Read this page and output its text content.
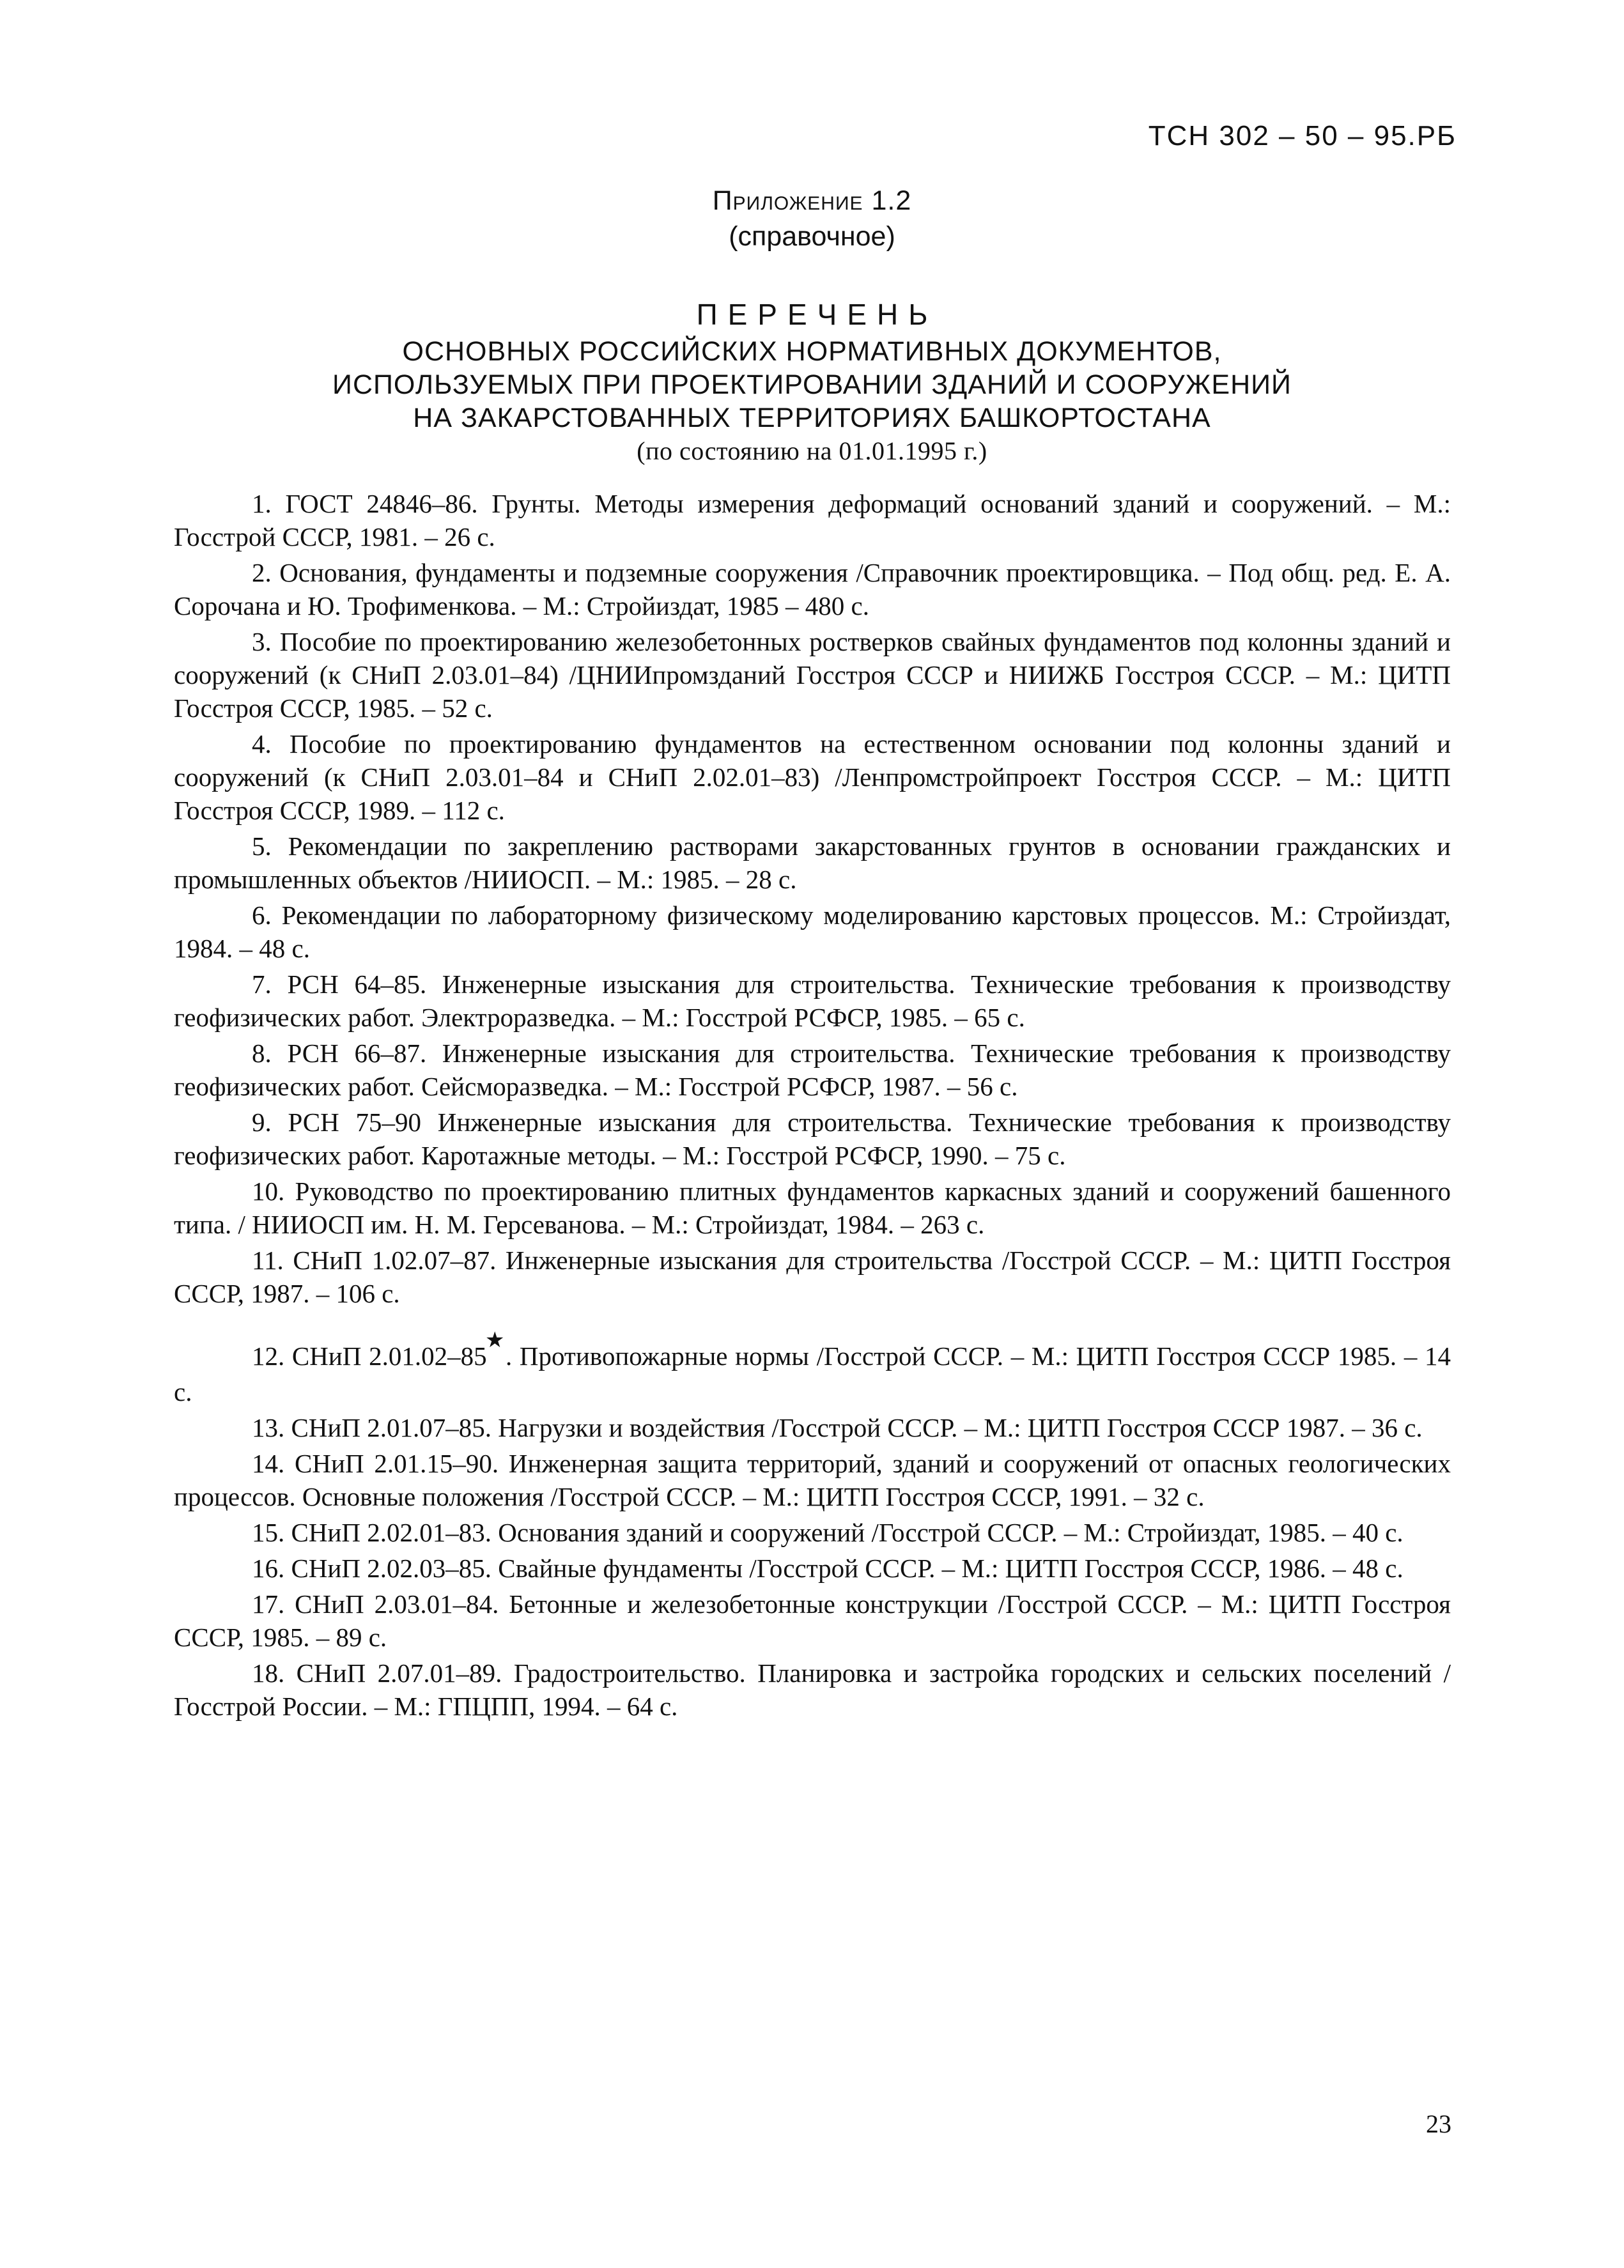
ТСН 302 – 50 – 95.РБ
Приложение 1.2
(справочное)
ПЕРЕЧЕНЬ
ОСНОВНЫХ РОССИЙСКИХ НОРМАТИВНЫХ ДОКУМЕНТОВ,
ИСПОЛЬЗУЕМЫХ ПРИ ПРОЕКТИРОВАНИИ ЗДАНИЙ И СООРУЖЕНИЙ
НА ЗАКАРСТОВАННЫХ ТЕРРИТОРИЯХ БАШКОРТОСТАНА
(по состоянию на 01.01.1995 г.)

1. ГОСТ 24846–86. Грунты. Методы измерения деформаций оснований зданий и сооружений. – М.: Госстрой СССР, 1981. – 26 с.

2. Основания, фундаменты и подземные сооружения /Справочник проектировщика. – Под общ. ред. Е. А. Сорочана и Ю. Трофименкова. – М.: Стройиздат, 1985 – 480 с.

3. Пособие по проектированию железобетонных ростверков свайных фундаментов под колонны зданий и сооружений (к СНиП 2.03.01–84) /ЦНИИпромзданий Госстроя СССР и НИИЖБ Госстроя СССР. – М.: ЦИТП Госстроя СССР, 1985. – 52 с.

4. Пособие по проектированию фундаментов на естественном основании под колонны зданий и сооружений (к СНиП 2.03.01–84 и СНиП 2.02.01–83) /Ленпромстройпроект Госстроя СССР. – М.: ЦИТП Госстроя СССР, 1989. – 112 с.

5. Рекомендации по закреплению растворами закарстованных грунтов в основании гражданских и промышленных объектов /НИИОСП. – М.: 1985. – 28 с.

6. Рекомендации по лабораторному физическому моделированию карстовых процессов. М.: Стройиздат, 1984. – 48 с.

7. РСН 64–85. Инженерные изыскания для строительства. Технические требования к производству геофизических работ. Электроразведка. – М.: Госстрой РСФСР, 1985. – 65 с.

8. РСН 66–87. Инженерные изыскания для строительства. Технические требования к производству геофизических работ. Сейсморазведка. – М.: Госстрой РСФСР, 1987. – 56 с.

9. РСН 75–90 Инженерные изыскания для строительства. Технические требования к производству геофизических работ. Каротажные методы. – М.: Госстрой РСФСР, 1990. – 75 с.

10. Руководство по проектированию плитных фундаментов каркасных зданий и сооружений башенного типа. / НИИОСП им. Н. М. Герсеванова. – М.: Стройиздат, 1984. – 263 с.

11. СНиП 1.02.07–87. Инженерные изыскания для строительства /Госстрой СССР. – М.: ЦИТП Госстроя СССР, 1987. – 106 с.

12. СНиП 2.01.02–85★. Противопожарные нормы /Госстрой СССР. – М.: ЦИТП Госстроя СССР 1985. – 14 с.

13. СНиП 2.01.07–85. Нагрузки и воздействия /Госстрой СССР. – М.: ЦИТП Госстроя СССР 1987. – 36 с.

14. СНиП 2.01.15–90. Инженерная защита территорий, зданий и сооружений от опасных геологических процессов. Основные положения /Госстрой СССР. – М.: ЦИТП Госстроя СССР, 1991. – 32 с.

15. СНиП 2.02.01–83. Основания зданий и сооружений /Госстрой СССР. – М.: Стройиздат, 1985. – 40 с.

16. СНиП 2.02.03–85. Свайные фундаменты /Госстрой СССР. – М.: ЦИТП Госстроя СССР, 1986. – 48 с.

17. СНиП 2.03.01–84. Бетонные и железобетонные конструкции /Госстрой СССР. – М.: ЦИТП Госстроя СССР, 1985. – 89 с.

18. СНиП 2.07.01–89. Градостроительство. Планировка и застройка городских и сельских поселений /Госстрой России. – М.: ГПЦПП, 1994. – 64 с.

23
